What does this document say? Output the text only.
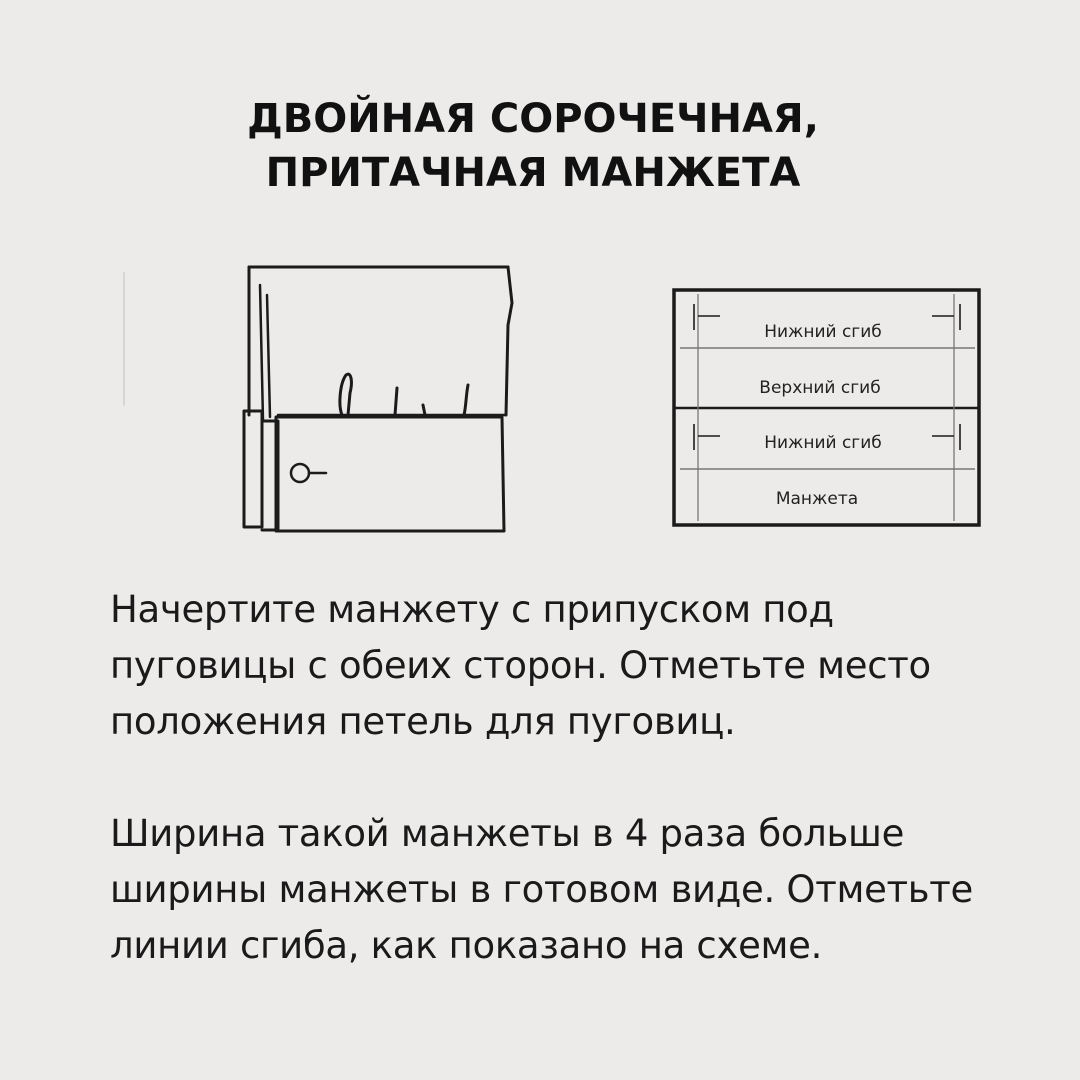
ДВОЙНАЯ СОРОЧЕЧНАЯ,
ПРИТАЧНАЯ МАНЖЕТА
Нижний сгиб
Верхний сгиб
Нижний сгиб
Манжета
Начертите манжету с припуском под
пуговицы с обеих сторон. Отметьте место
положения петель для пуговиц.
Ширина такой манжеты в 4 раза больше
ширины манжеты в готовом виде. Отметьте
линии сгиба, как показано на схеме.
